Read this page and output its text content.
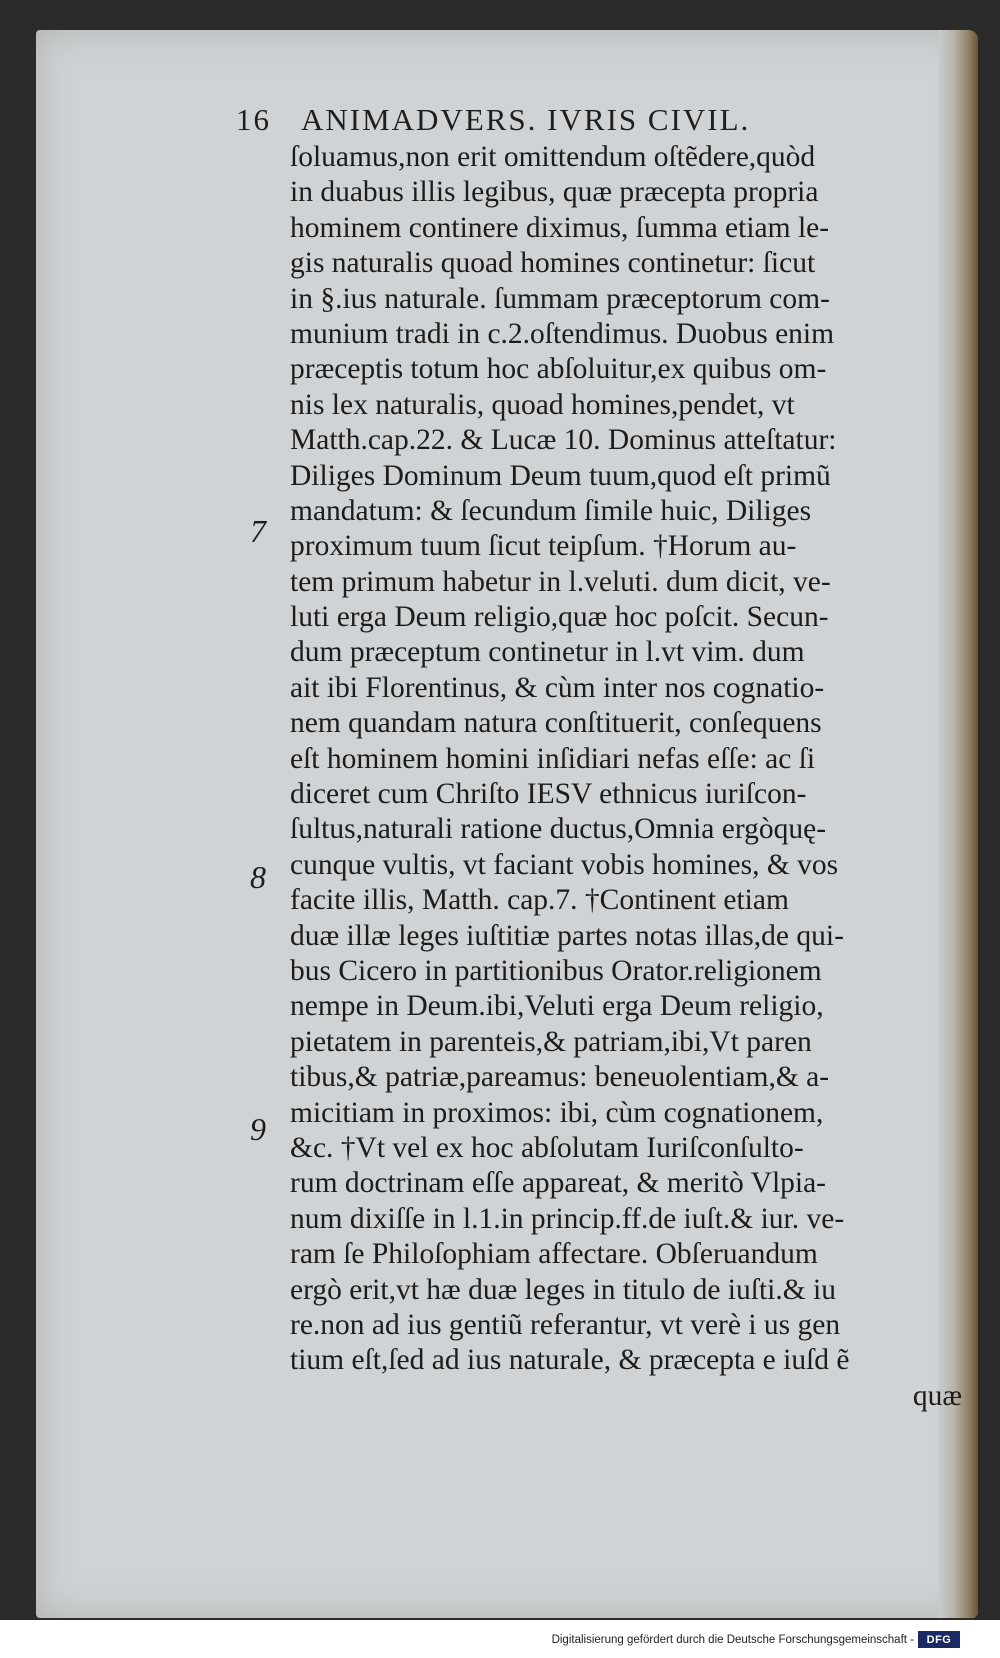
16 ANIMADVERS. IVRIS CIVIL.
ſoluamus,non erit omittendum oſtẽdere,quòd
in duabus illis legibus, quæ præcepta propria
hominem continere diximus, ſumma etiam le-
gis naturalis quoad homines continetur: ſicut
in §.ius naturale. ſummam præceptorum com-
munium tradi in c.2.oſtendimus. Duobus enim
præceptis totum hoc abſoluitur,ex quibus om-
nis lex naturalis, quoad homines,pendet, vt
Matth.cap.22. & Lucæ 10. Dominus atteſtatur:
Diliges Dominum Deum tuum,quod eſt primũ
mandatum: & ſecundum ſimile huic, Diliges
proximum tuum ſicut teipſum. †Horum au-
tem primum habetur in l.veluti. dum dicit, ve-
luti erga Deum religio,quæ hoc poſcit. Secun-
dum præceptum continetur in l.vt vim. dum
ait ibi Florentinus, & cùm inter nos cognatio-
nem quandam natura conſtituerit, conſequens
eſt hominem homini inſidiari nefas eſſe: ac ſi
diceret cum Chriſto IESV ethnicus iuriſcon-
ſultus,naturali ratione ductus,Omnia ergòquę-
cunque vultis, vt faciant vobis homines, & vos
facite illis, Matth. cap.7. †Continent etiam
duæ illæ leges iuſtitiæ partes notas illas,de qui-
bus Cicero in partitionibus Orator.religionem
nempe in Deum.ibi,Veluti erga Deum religio,
pietatem in parenteis,& patriam,ibi,Vt paren
tibus,& patriæ,pareamus: beneuolentiam,& a-
micitiam in proximos: ibi, cùm cognationem,
&c. †Vt vel ex hoc abſolutam Iuriſconſulto-
rum doctrinam eſſe appareat, & meritò Vlpia-
num dixiſſe in l.1.in princip.ff.de iuſt.& iur. ve-
ram ſe Philoſophiam affectare. Obſeruandum
ergò erit,vt hæ duæ leges in titulo de iuſti.& iu
re.non ad ius gentiũ referantur, vt verè i us gen
tium eſt,ſed ad ius naturale, & præcepta e iuſd ẽ
quæ
7
8
9
Digitalisierung gefördert durch die Deutsche Forschungsgemeinschaft -	DFG
